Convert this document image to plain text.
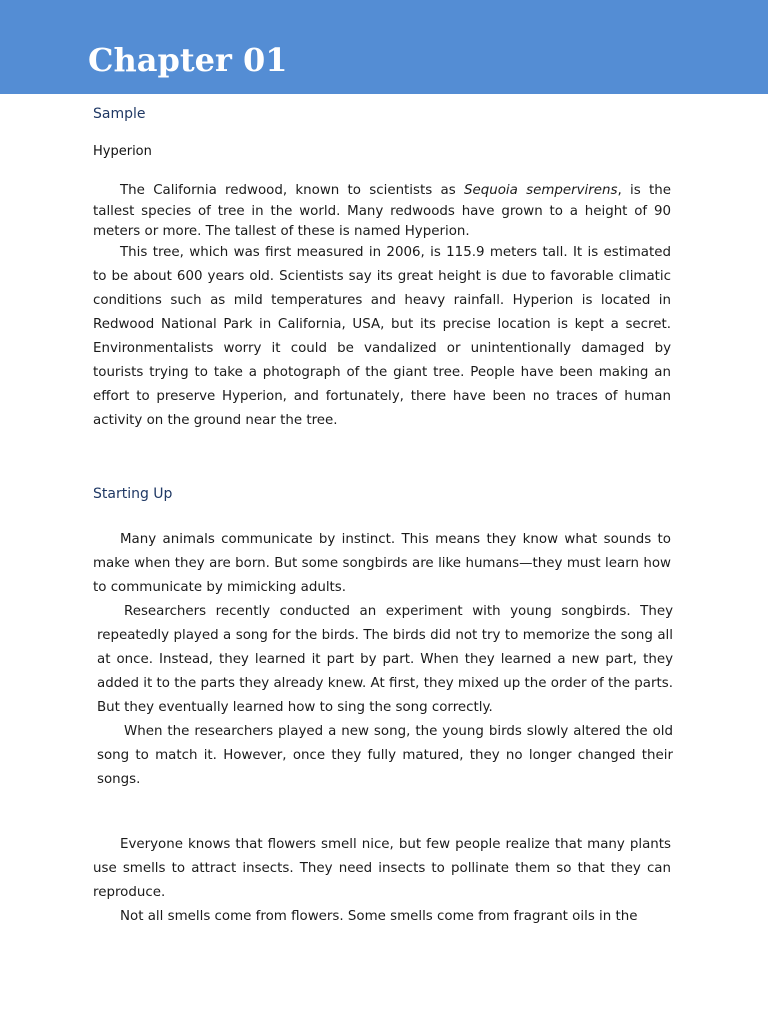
Chapter 01
Sample
Hyperion

The California redwood, known to scientists as Sequoia sempervirens, is the tallest species of tree in the world. Many redwoods have grown to a height of 90 meters or more. The tallest of these is named Hyperion.

This tree, which was first measured in 2006, is 115.9 meters tall. It is estimated to be about 600 years old. Scientists say its great height is due to favorable climatic conditions such as mild temperatures and heavy rainfall. Hyperion is located in Redwood National Park in California, USA, but its precise location is kept a secret. Environmentalists worry it could be vandalized or unintentionally damaged by tourists trying to take a photograph of the giant tree. People have been making an effort to preserve Hyperion, and fortunately, there have been no traces of human activity on the ground near the tree.

Starting Up

Many animals communicate by instinct. This means they know what sounds to make when they are born. But some songbirds are like humans—they must learn how to communicate by mimicking adults.

Researchers recently conducted an experiment with young songbirds. They repeatedly played a song for the birds. The birds did not try to memorize the song all at once. Instead, they learned it part by part. When they learned a new part, they added it to the parts they already knew. At first, they mixed up the order of the parts. But they eventually learned how to sing the song correctly.

When the researchers played a new song, the young birds slowly altered the old song to match it. However, once they fully matured, they no longer changed their songs.

Everyone knows that flowers smell nice, but few people realize that many plants use smells to attract insects. They need insects to pollinate them so that they can reproduce.

Not all smells come from flowers. Some smells come from fragrant oils in the
